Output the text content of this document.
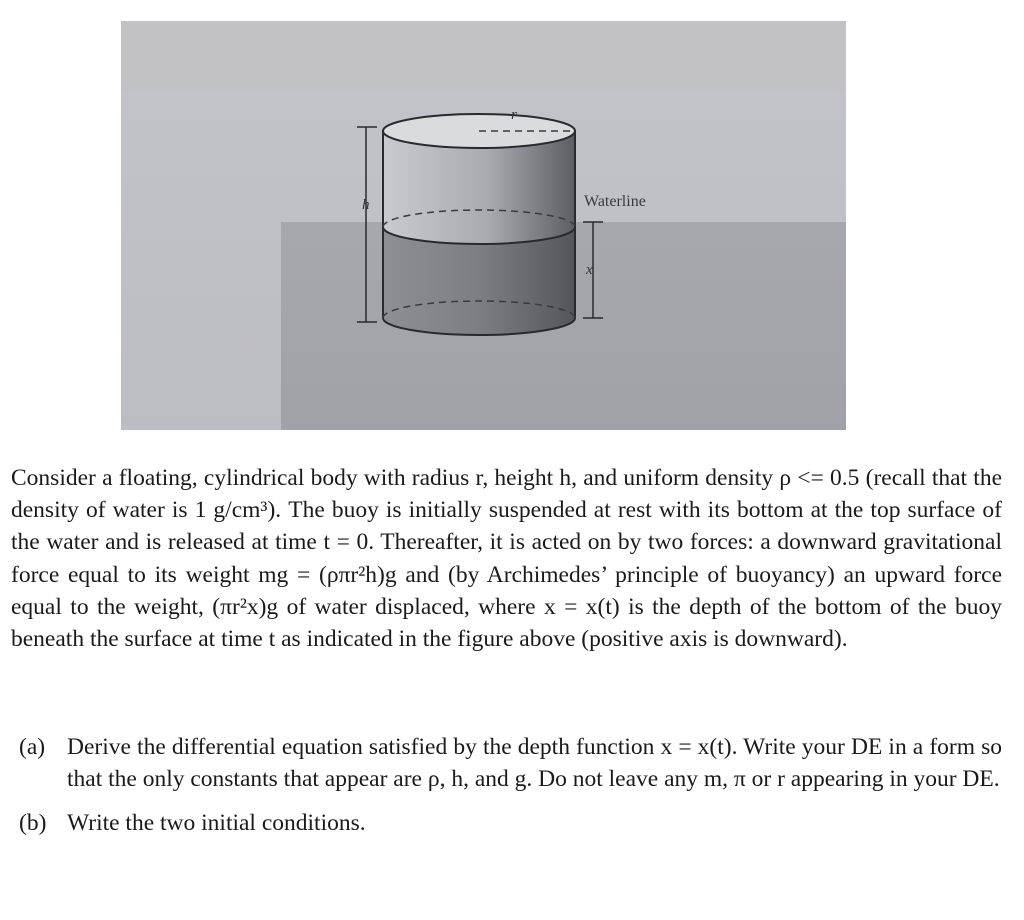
r
h	Waterline
x

Consider a floating, cylindrical body with radius r, height h, and uniform density ρ <= 0.5 (recall that the density of water is 1 g/cm³). The buoy is initially suspended at rest with its bottom at the top surface of the water and is released at time t = 0. Thereafter, it is acted on by two forces: a downward gravitational force equal to its weight mg = (ρπr²h)g and (by Archimedes’ principle of buoyancy) an upward force equal to the weight, (πr²x)g of water displaced, where x = x(t) is the depth of the bottom of the buoy beneath the surface at time t as indicated in the figure above (positive axis is downward).

(a) Derive the differential equation satisfied by the depth function x = x(t). Write your DE in a form so that the only constants that appear are ρ, h, and g. Do not leave any m, π or r appearing in your DE.
(b) Write the two initial conditions.
